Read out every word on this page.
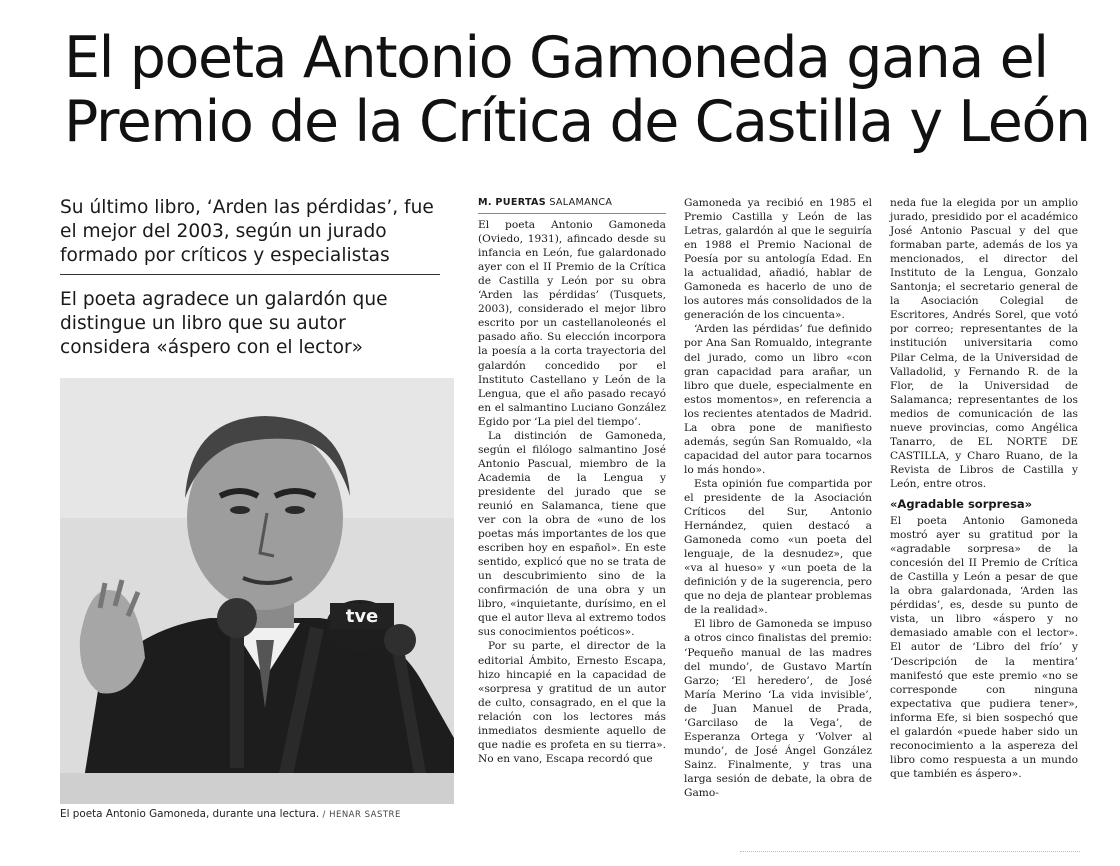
El poeta Antonio Gamoneda gana el
Premio de la Crítica de Castilla y León
Su último libro, ‘Arden las pérdidas’, fue
el mejor del 2003, según un jurado
formado por críticos y especialistas
El poeta agradece un galardón que
distingue un libro que su autor
considera «áspero con el lector»
tve
El poeta Antonio Gamoneda, durante una lectura. / HENAR SASTRE
M. PUERTAS SALAMANCA

El poeta Antonio Gamoneda (Oviedo, 1931), afincado desde su infancia en León, fue galardonado ayer con el II Premio de la Crítica de Castilla y León por su obra ‘Arden las pérdidas’ (Tusquets, 2003), considerado el mejor libro escrito por un castellanoleonés el pasado año. Su elección incorpora la poesía a la corta trayectoria del galardón concedido por el Instituto Castellano y León de la Lengua, que el año pasado recayó en el salmantino Luciano González Egido por ‘La piel del tiempo’.

La distinción de Gamoneda, según el filólogo salmantino José Antonio Pascual, miembro de la Academia de la Lengua y presidente del jurado que se reunió en Salamanca, tiene que ver con la obra de «uno de los poetas más importantes de los que escriben hoy en español». En este sentido, explicó que no se trata de un descubrimiento sino de la confirmación de una obra y un libro, «inquietante, durísimo, en el que el autor lleva al extremo todos sus conocimientos poéticos».

Por su parte, el director de la editorial Ámbito, Ernesto Escapa, hizo hincapié en la capacidad de «sorpresa y gratitud de un autor de culto, consagrado, en el que la relación con los lectores más inmediatos desmiente aquello de que nadie es profeta en su tierra». No en vano, Escapa recordó que

Gamoneda ya recibió en 1985 el Premio Castilla y León de las Letras, galardón al que le seguiría en 1988 el Premio Nacional de Poesía por su antología Edad. En la actualidad, añadió, hablar de Gamoneda es hacerlo de uno de los autores más consolidados de la generación de los cincuenta».

‘Arden las pérdidas’ fue definido por Ana San Romualdo, integrante del jurado, como un libro «con gran capacidad para arañar, un libro que duele, especialmente en estos momentos», en referencia a los recientes atentados de Madrid. La obra pone de manifiesto además, según San Romualdo, «la capacidad del autor para tocarnos lo más hondo».

Esta opinión fue compartida por el presidente de la Asociación Críticos del Sur, Antonio Hernández, quien destacó a Gamoneda como «un poeta del lenguaje, de la desnudez», que «va al hueso» y «un poeta de la definición y de la sugerencia, pero que no deja de plantear problemas de la realidad».

El libro de Gamoneda se impuso a otros cinco finalistas del premio: ‘Pequeño manual de las madres del mundo’, de Gustavo Martín Garzo; ‘El heredero’, de José María Merino ‘La vida invisible’, de Juan Manuel de Prada, ‘Garcilaso de la Vega’, de Esperanza Ortega y ‘Volver al mundo’, de José Ángel González Sainz. Finalmente, y tras una larga sesión de debate, la obra de Gamo-

neda fue la elegida por un amplio jurado, presidido por el académico José Antonio Pascual y del que formaban parte, además de los ya mencionados, el director del Instituto de la Lengua, Gonzalo Santonja; el secretario general de la Asociación Colegial de Escritores, Andrés Sorel, que votó por correo; representantes de la institución universitaria como Pilar Celma, de la Universidad de Valladolid, y Fernando R. de la Flor, de la Universidad de Salamanca; representantes de los medios de comunicación de las nueve provincias, como Angélica Tanarro, de EL NORTE DE CASTILLA, y Charo Ruano, de la Revista de Libros de Castilla y León, entre otros.

«Agradable sorpresa»

El poeta Antonio Gamoneda mostró ayer su gratitud por la «agradable sorpresa» de la concesión del II Premio de Crítica de Castilla y León a pesar de que la obra galardonada, ‘Arden las pérdidas’, es, desde su punto de vista, un libro «áspero y no demasiado amable con el lector». El autor de ‘Libro del frío’ y ‘Descripción de la mentira’ manifestó que este premio «no se corresponde con ninguna expectativa que pudiera tener», informa Efe, si bien sospechó que el galardón «puede haber sido un reconocimiento a la aspereza del libro como respuesta a un mundo que también es áspero».
